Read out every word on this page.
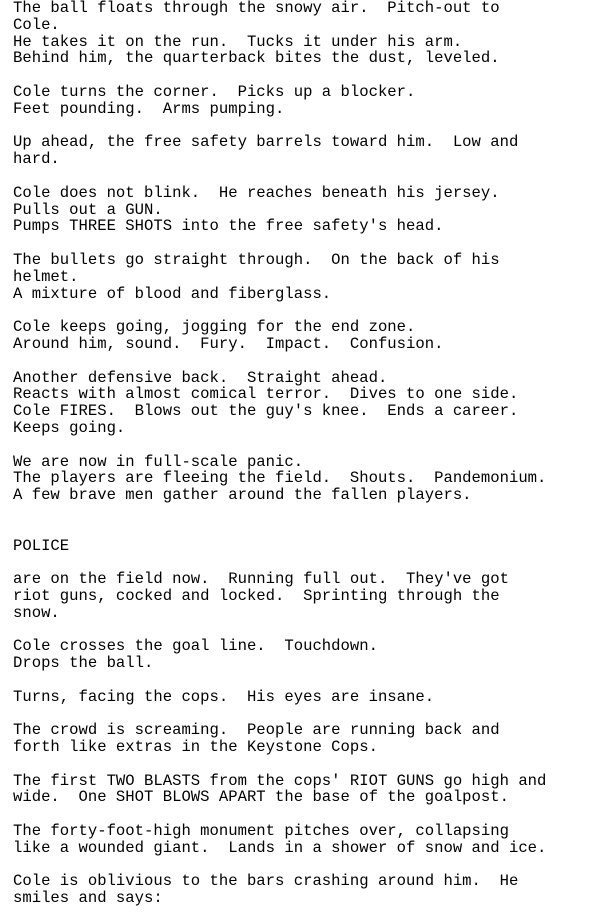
The ball floats through the snowy air.  Pitch-out to
Cole.
He takes it on the run.  Tucks it under his arm.
Behind him, the quarterback bites the dust, leveled.
Cole turns the corner.  Picks up a blocker.
Feet pounding.  Arms pumping.
Up ahead, the free safety barrels toward him.  Low and
hard.
Cole does not blink.  He reaches beneath his jersey.
Pulls out a GUN.
Pumps THREE SHOTS into the free safety's head.
The bullets go straight through.  On the back of his
helmet.
A mixture of blood and fiberglass.
Cole keeps going, jogging for the end zone.
Around him, sound.  Fury.  Impact.  Confusion.
Another defensive back.  Straight ahead.
Reacts with almost comical terror.  Dives to one side.
Cole FIRES.  Blows out the guy's knee.  Ends a career.
Keeps going.
We are now in full-scale panic.
The players are fleeing the field.  Shouts.  Pandemonium.
A few brave men gather around the fallen players.
POLICE
are on the field now.  Running full out.  They've got
riot guns, cocked and locked.  Sprinting through the
snow.
Cole crosses the goal line.  Touchdown.
Drops the ball.
Turns, facing the cops.  His eyes are insane.
The crowd is screaming.  People are running back and
forth like extras in the Keystone Cops.
The first TWO BLASTS from the cops' RIOT GUNS go high and
wide.  One SHOT BLOWS APART the base of the goalpost.
The forty-foot-high monument pitches over, collapsing
like a wounded giant.  Lands in a shower of snow and ice.
Cole is oblivious to the bars crashing around him.  He
smiles and says:
